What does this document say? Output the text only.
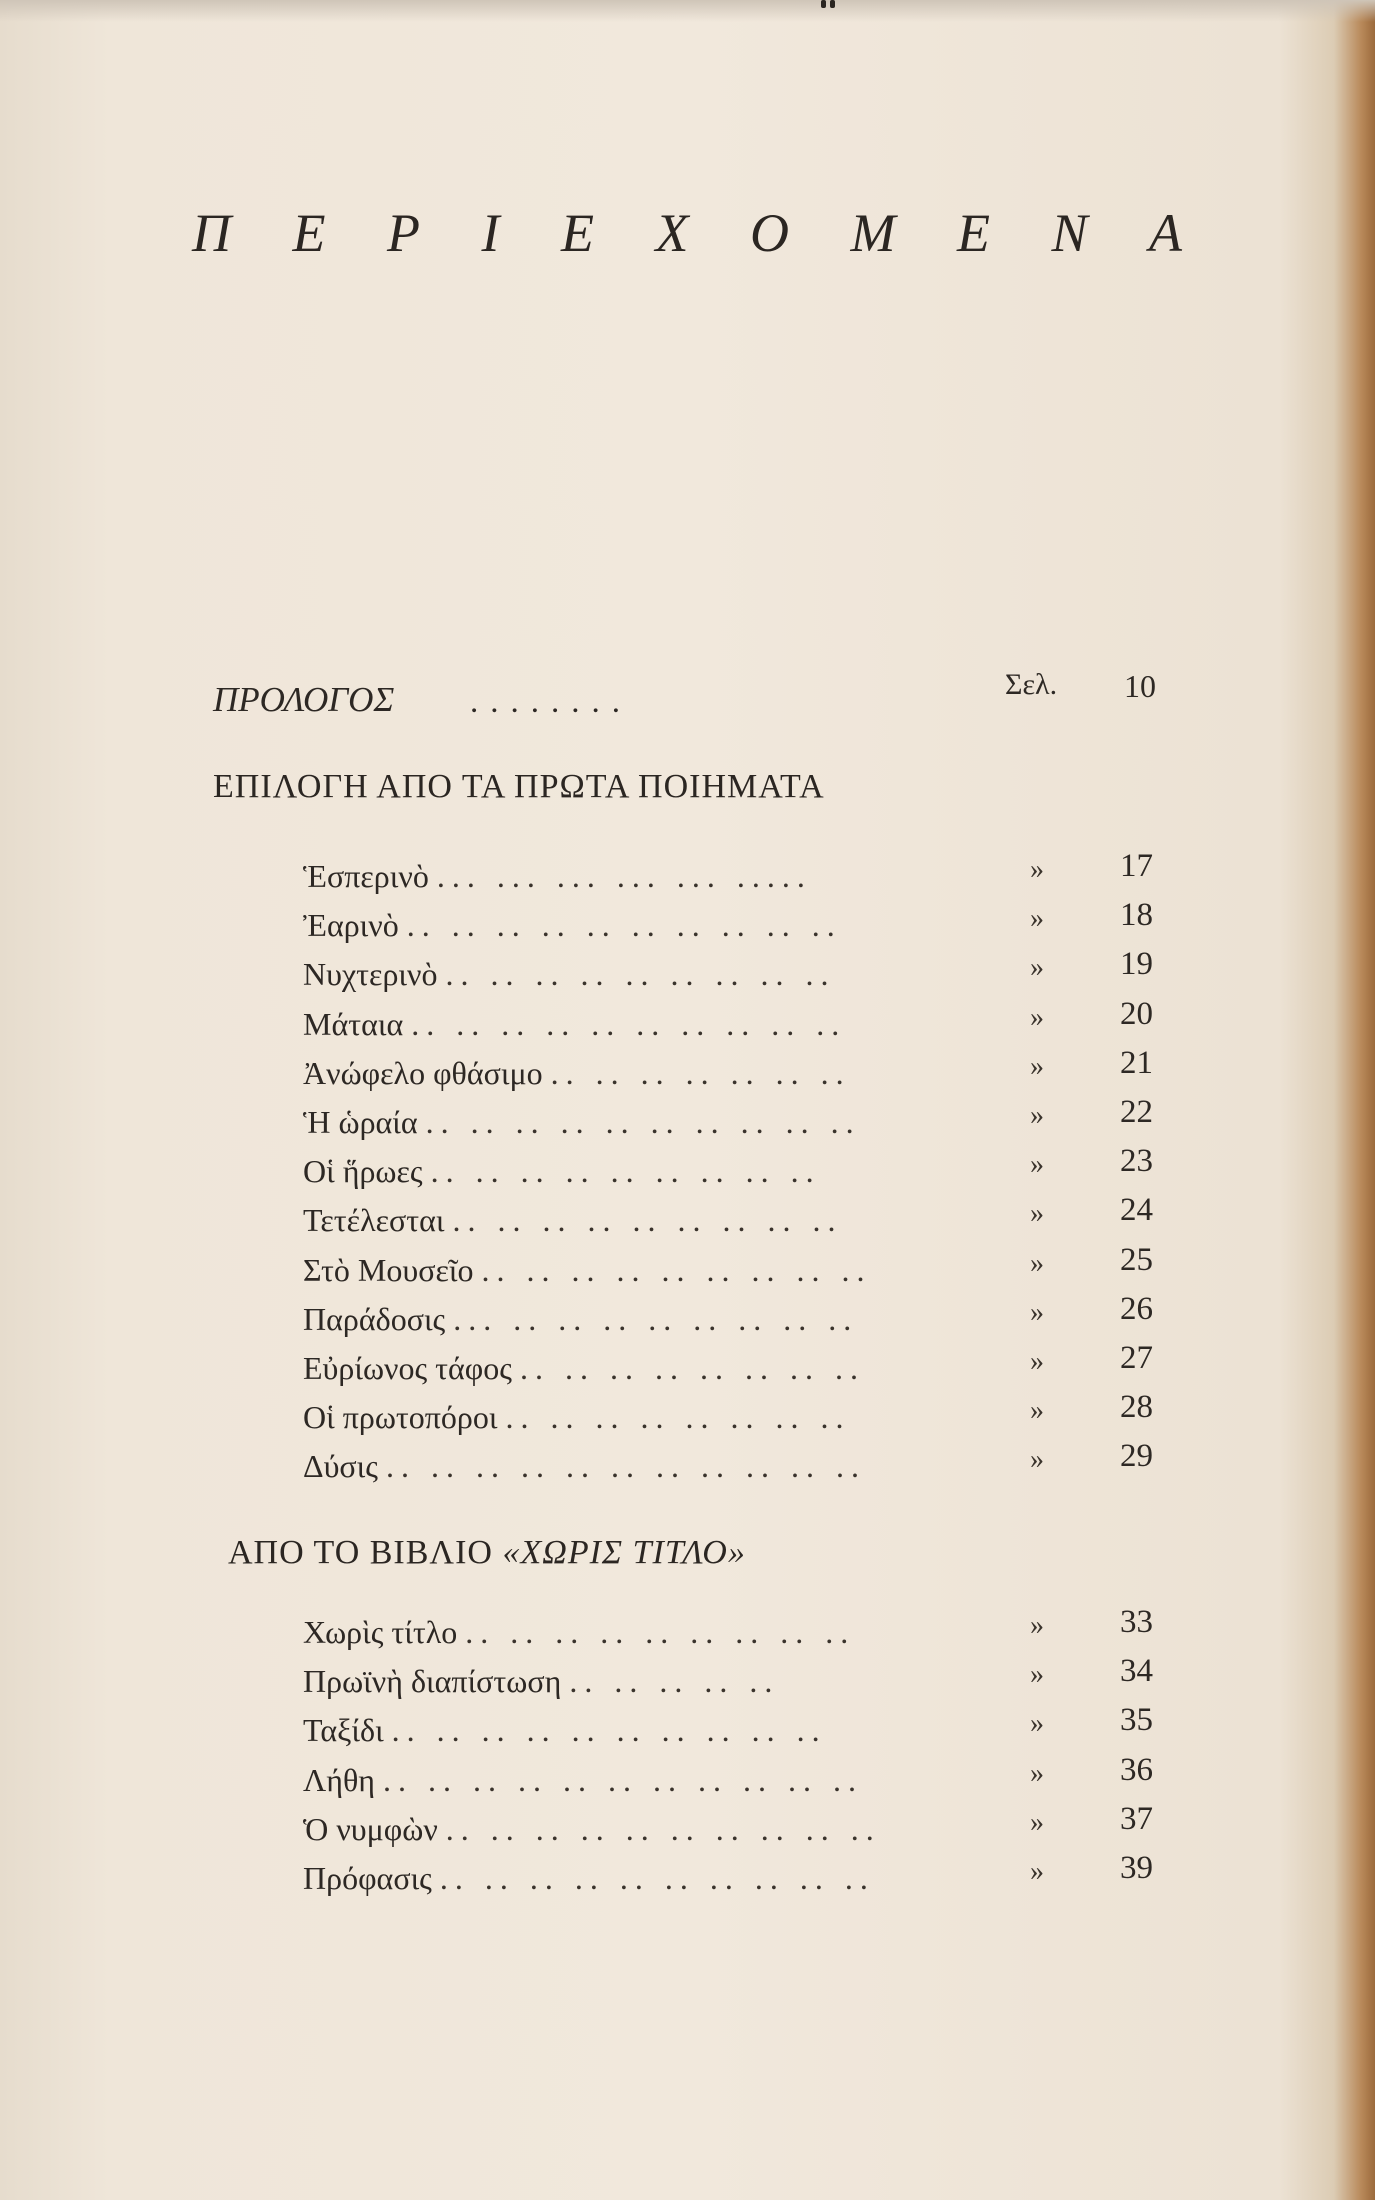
Π Ε Ρ Ι Ε Χ Ο Μ Ε Ν Α
ΠΡΟΛΟΓΟΣ ........	Σελ. 10
ΕΠΙΛΟΓΗ ΑΠΟ ΤΑ ΠΡΩΤΑ ΠΟΙΗΜΑΤΑ
Ἑσπερινὸ ... ... ... ... ... .....	» 17
Ἐαρινὸ .. .. .. .. .. .. .. .. .. ..	» 18
Νυχτερινὸ .. .. .. .. .. .. .. .. ..	» 19
Μάταια .. .. .. .. .. .. .. .. .. ..	» 20
Ἀνώφελο φθάσιμο .. .. .. .. .. .. ..	» 21
Ἡ ὡραία .. .. .. .. .. .. .. .. .. ..	» 22
Οἱ ἥρωες .. .. .. .. .. .. .. .. ..	» 23
Τετέλεσται .. .. .. .. .. .. .. .. ..	» 24
Στὸ Μουσεῖο .. .. .. .. .. .. .. .. ..	» 25
Παράδοσις ... .. .. .. .. .. .. .. ..	» 26
Εὐρίωνος τάφος .. .. .. .. .. .. .. ..	» 27
Οἱ πρωτοπόροι .. .. .. .. .. .. .. ..	» 28
Δύσις .. .. .. .. .. .. .. .. .. .. ..	» 29
ΑΠΟ ΤΟ ΒΙΒΛΙΟ «ΧΩΡΙΣ ΤΙΤΛΟ»
Χωρὶς τίτλο .. .. .. .. .. .. .. .. ..	» 33
Πρωϊνὴ διαπίστωση .. .. .. .. ..	» 34
Ταξίδι .. .. .. .. .. .. .. .. .. ..	» 35
Λήθη .. .. .. .. .. .. .. .. .. .. ..	» 36
Ὁ νυμφὼν .. .. .. .. .. .. .. .. .. ..	» 37
Πρόφασις .. .. .. .. .. .. .. .. .. ..	» 39
